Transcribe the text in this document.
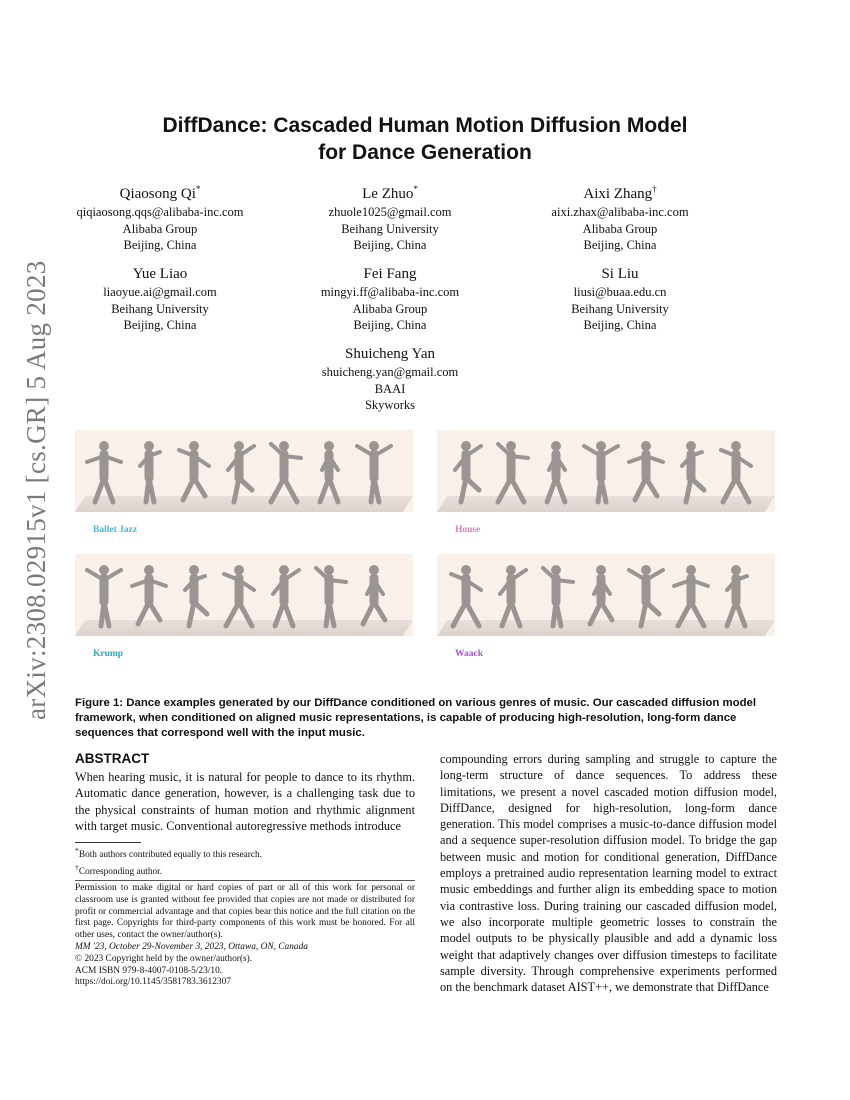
arXiv:2308.02915v1 [cs.GR] 5 Aug 2023
DiffDance: Cascaded Human Motion Diffusion Model
for Dance Generation
Qiaosong Qi*
qiqiaosong.qqs@alibaba-inc.com
Alibaba Group
Beijing, China
Le Zhuo*
zhuole1025@gmail.com
Beihang University
Beijing, China
Aixi Zhang†
aixi.zhax@alibaba-inc.com
Alibaba Group
Beijing, China
Yue Liao
liaoyue.ai@gmail.com
Beihang University
Beijing, China
Fei Fang
mingyi.ff@alibaba-inc.com
Alibaba Group
Beijing, China
Si Liu
liusi@buaa.edu.cn
Beihang University
Beijing, China
Shuicheng Yan
shuicheng.yan@gmail.com
BAAI
Skyworks
Ballet Jazz	House
Krump	Waack
Figure 1: Dance examples generated by our DiffDance conditioned on various genres of music. Our cascaded diffusion model framework, when conditioned on aligned music representations, is capable of producing high-resolution, long-form dance sequences that correspond well with the input music.
ABSTRACT
When hearing music, it is natural for people to dance to its rhythm. Automatic dance generation, however, is a challenging task due to the physical constraints of human motion and rhythmic alignment with target music. Conventional autoregressive methods introduce
compounding errors during sampling and struggle to capture the long-term structure of dance sequences. To address these limitations, we present a novel cascaded motion diffusion model, DiffDance, designed for high-resolution, long-form dance generation. This model comprises a music-to-dance diffusion model and a sequence super-resolution diffusion model. To bridge the gap between music and motion for conditional generation, DiffDance employs a pretrained audio representation learning model to extract music embeddings and further align its embedding space to motion via contrastive loss. During training our cascaded diffusion model, we also incorporate multiple geometric losses to constrain the model outputs to be physically plausible and add a dynamic loss weight that adaptively changes over diffusion timesteps to facilitate sample diversity. Through comprehensive experiments performed on the benchmark dataset AIST++, we demonstrate that DiffDance
*Both authors contributed equally to this research.
†Corresponding author.
Permission to make digital or hard copies of part or all of this work for personal or classroom use is granted without fee provided that copies are not made or distributed for profit or commercial advantage and that copies bear this notice and the full citation on the first page. Copyrights for third-party components of this work must be honored. For all other uses, contact the owner/author(s).
MM '23, October 29-November 3, 2023, Ottawa, ON, Canada
© 2023 Copyright held by the owner/author(s).
ACM ISBN 979-8-4007-0108-5/23/10.
https://doi.org/10.1145/3581783.3612307
